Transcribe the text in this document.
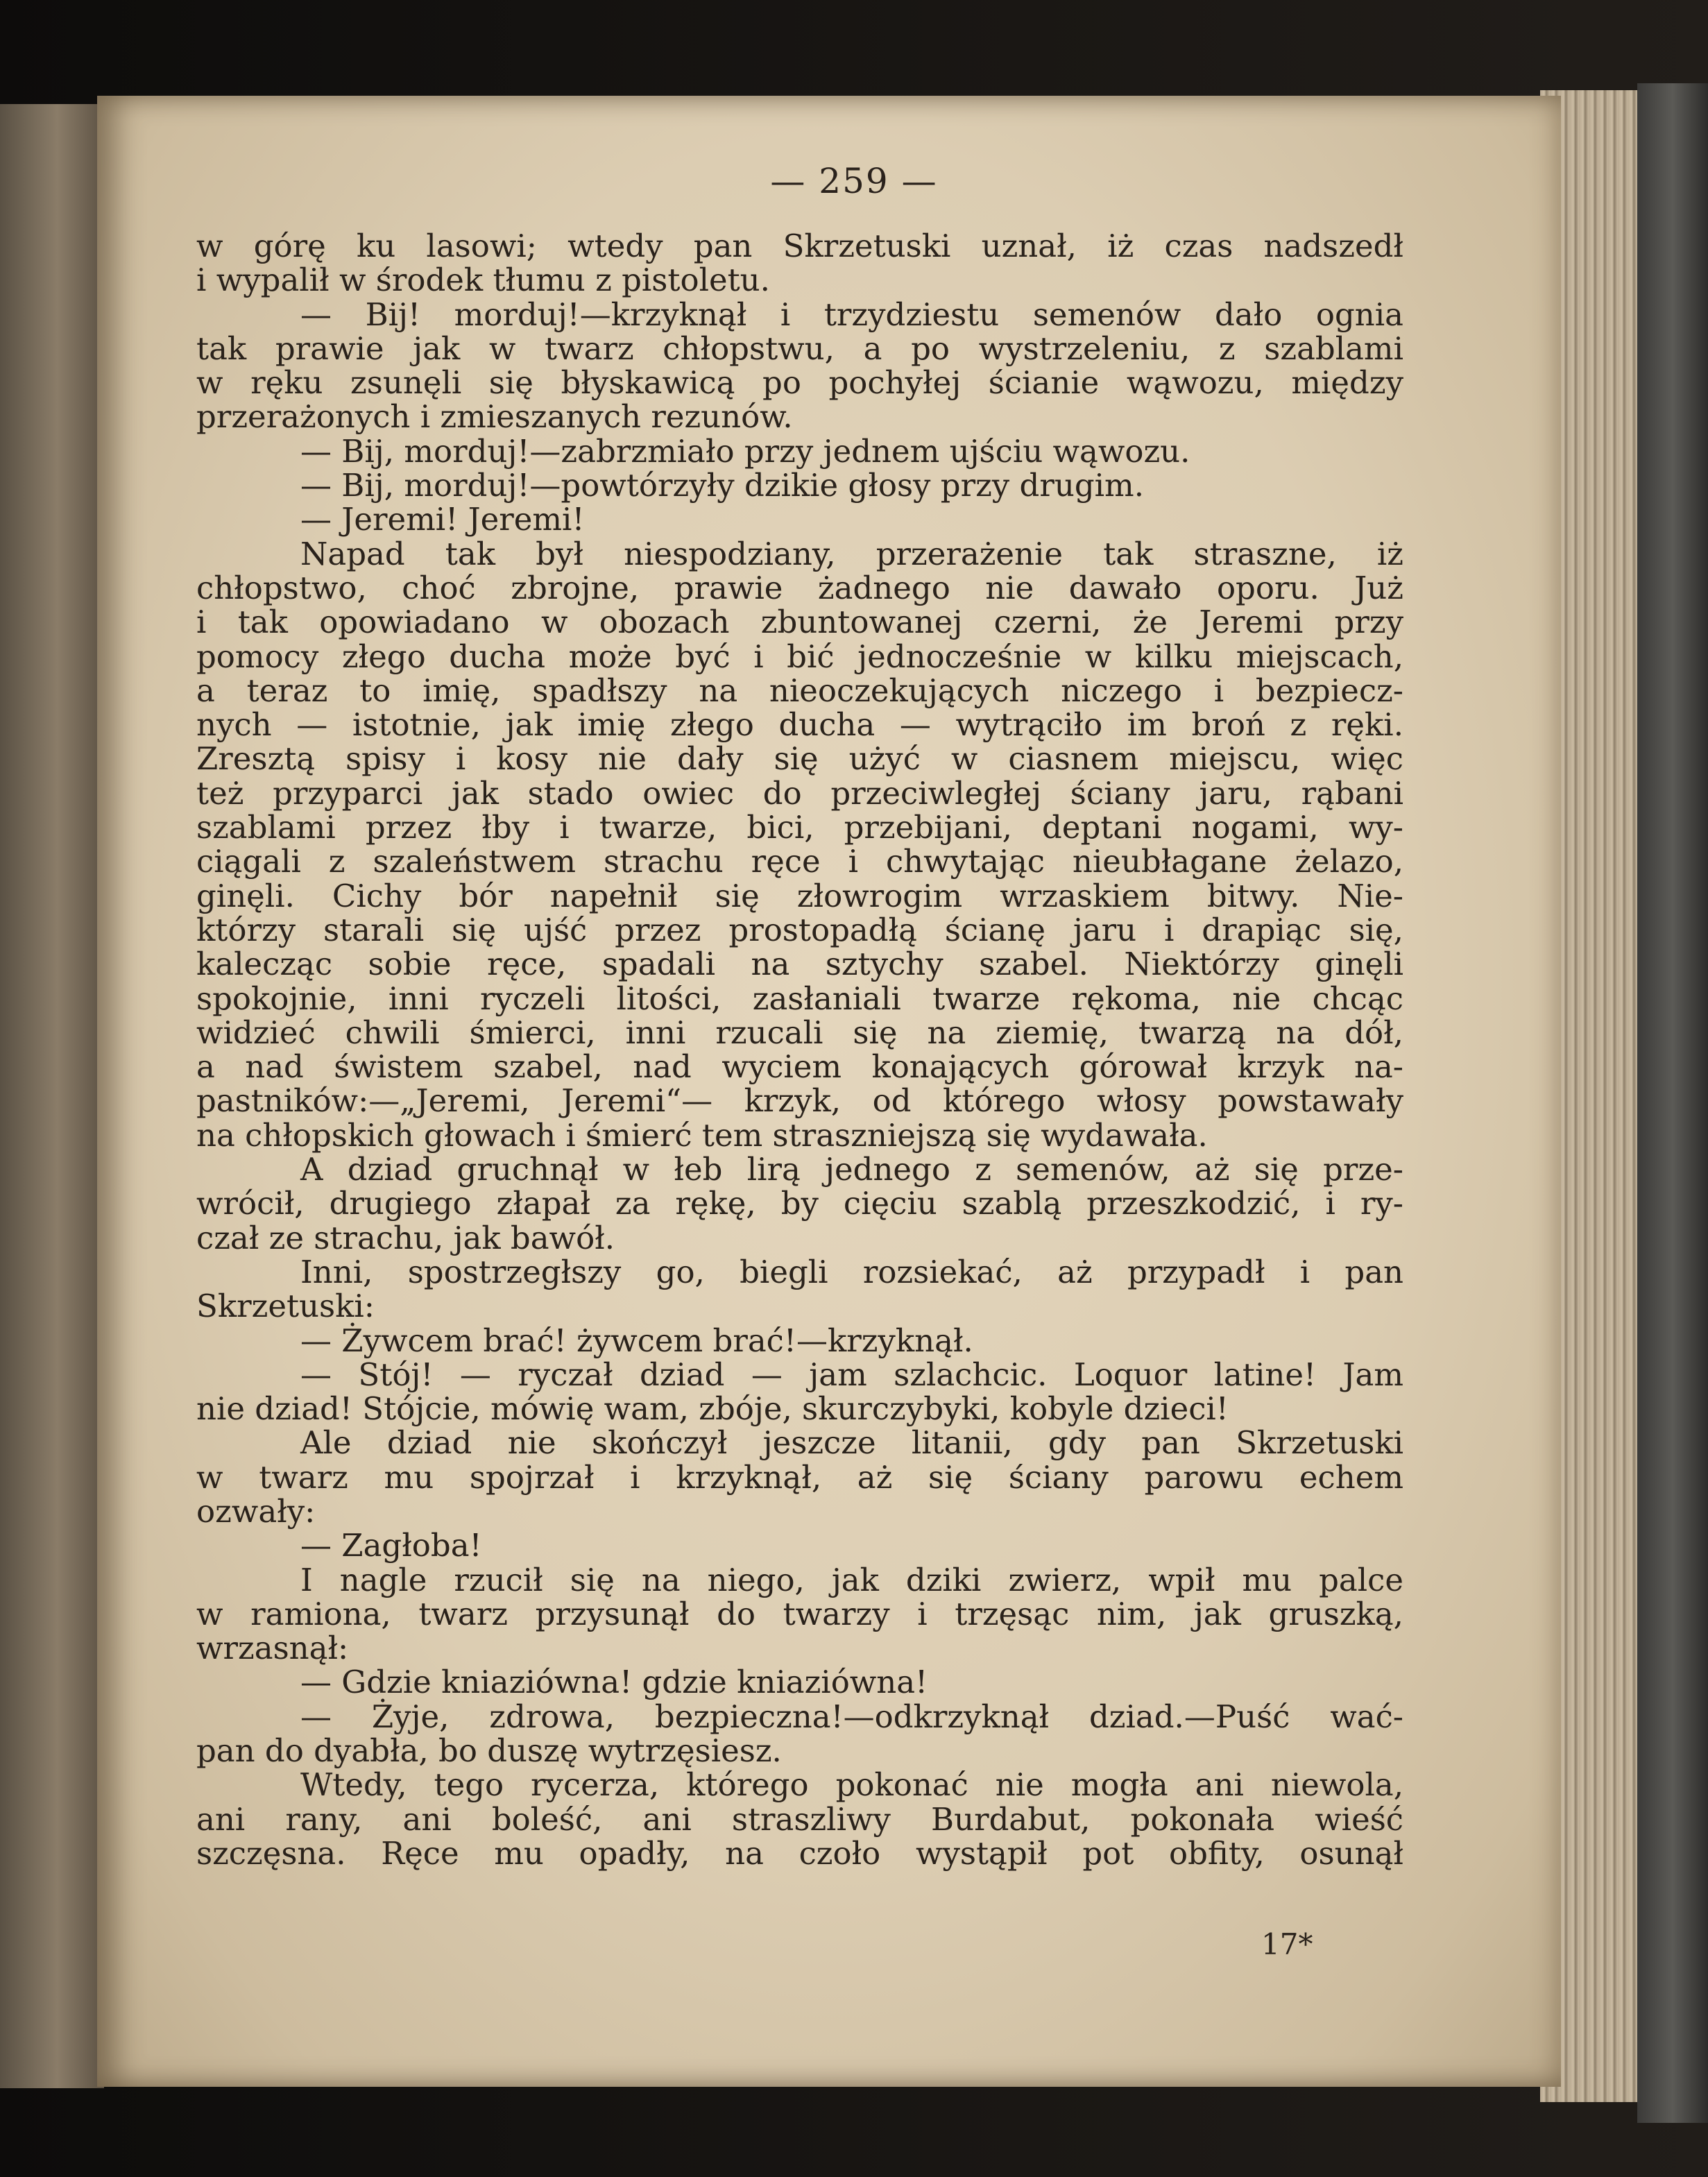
— 259 —
w górę ku lasowi; wtedy pan Skrzetuski uznał, iż czas nadszedł
i wypalił w środek tłumu z pistoletu.
— Bij! morduj!—krzyknął i trzydziestu semenów dało ognia
tak prawie jak w twarz chłopstwu, a po wystrzeleniu, z szablami
w ręku zsunęli się błyskawicą po pochyłej ścianie wąwozu, między
przerażonych i zmieszanych rezunów.
— Bij, morduj!—zabrzmiało przy jednem ujściu wąwozu.
— Bij, morduj!—powtórzyły dzikie głosy przy drugim.
— Jeremi! Jeremi!
Napad tak był niespodziany, przerażenie tak straszne, iż
chłopstwo, choć zbrojne, prawie żadnego nie dawało oporu. Już
i tak opowiadano w obozach zbuntowanej czerni, że Jeremi przy
pomocy złego ducha może być i bić jednocześnie w kilku miejscach,
a teraz to imię, spadłszy na nieoczekujących niczego i bezpiecz-
nych — istotnie, jak imię złego ducha — wytrąciło im broń z ręki.
Zresztą spisy i kosy nie dały się użyć w ciasnem miejscu, więc
też przyparci jak stado owiec do przeciwległej ściany jaru, rąbani
szablami przez łby i twarze, bici, przebijani, deptani nogami, wy-
ciągali z szaleństwem strachu ręce i chwytając nieubłagane żelazo,
ginęli. Cichy bór napełnił się złowrogim wrzaskiem bitwy. Nie-
którzy starali się ujść przez prostopadłą ścianę jaru i drapiąc się,
kalecząc sobie ręce, spadali na sztychy szabel. Niektórzy ginęli
spokojnie, inni ryczeli litości, zasłaniali twarze rękoma, nie chcąc
widzieć chwili śmierci, inni rzucali się na ziemię, twarzą na dół,
a nad świstem szabel, nad wyciem konających górował krzyk na-
pastników:—„Jeremi, Jeremi“— krzyk, od którego włosy powstawały
na chłopskich głowach i śmierć tem straszniejszą się wydawała.
A dziad gruchnął w łeb lirą jednego z semenów, aż się prze-
wrócił, drugiego złapał za rękę, by cięciu szablą przeszkodzić, i ry-
czał ze strachu, jak bawół.
Inni, spostrzegłszy go, biegli rozsiekać, aż przypadł i pan
Skrzetuski:
— Żywcem brać! żywcem brać!—krzyknął.
— Stój! — ryczał dziad — jam szlachcic. Loquor latine! Jam
nie dziad! Stójcie, mówię wam, zbóje, skurczybyki, kobyle dzieci!
Ale dziad nie skończył jeszcze litanii, gdy pan Skrzetuski
w twarz mu spojrzał i krzyknął, aż się ściany parowu echem
ozwały:
— Zagłoba!
I nagle rzucił się na niego, jak dziki zwierz, wpił mu palce
w ramiona, twarz przysunął do twarzy i trzęsąc nim, jak gruszką,
wrzasnął:
— Gdzie kniaziówna! gdzie kniaziówna!
— Żyje, zdrowa, bezpieczna!—odkrzyknął dziad.—Puść wać-
pan do dyabła, bo duszę wytrzęsiesz.
Wtedy, tego rycerza, którego pokonać nie mogła ani niewola,
ani rany, ani boleść, ani straszliwy Burdabut, pokonała wieść
szczęsna. Ręce mu opadły, na czoło wystąpił pot obfity, osunął
17*
